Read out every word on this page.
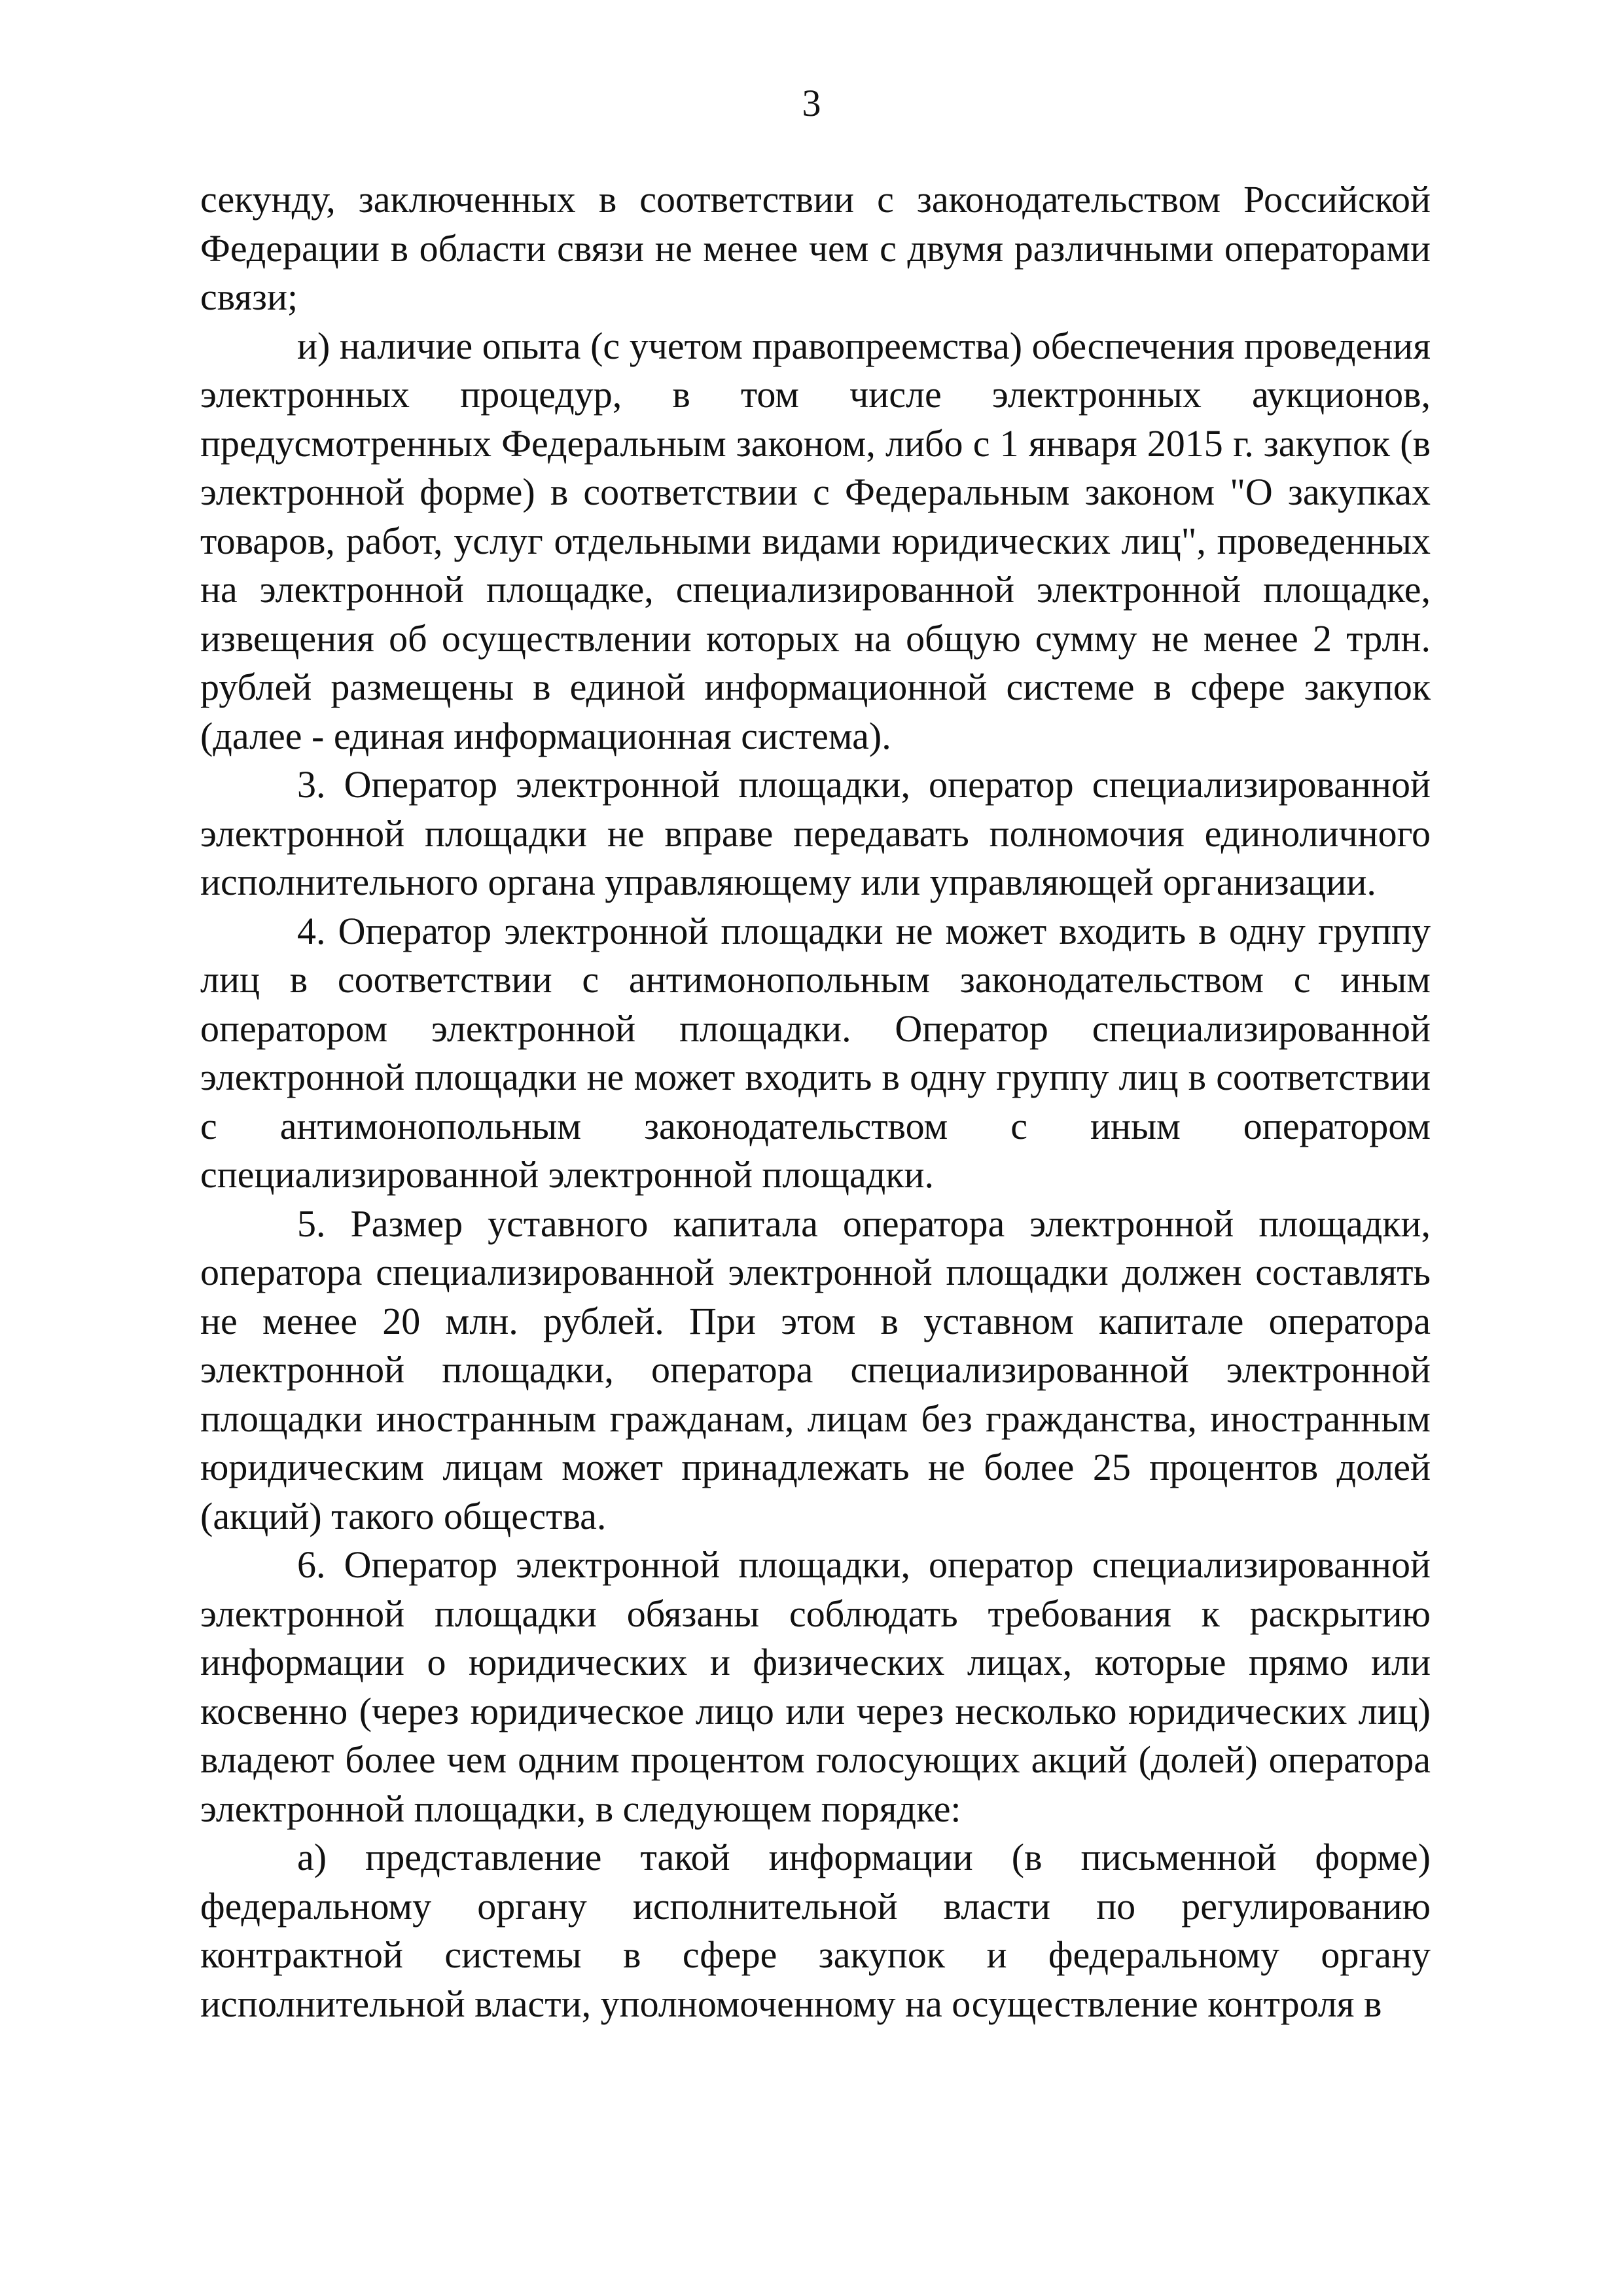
3

секунду, заключенных в соответствии с законодательством Российской Федерации в области связи не менее чем с двумя различными операторами связи;

и) наличие опыта (с учетом правопреемства) обеспечения проведения электронных процедур, в том числе электронных аукционов, предусмотренных Федеральным законом, либо с 1 января 2015 г. закупок (в электронной форме) в соответствии с Федеральным законом "О закупках товаров, работ, услуг отдельными видами юридических лиц", проведенных на электронной площадке, специализированной электронной площадке, извещения об осуществлении которых на общую сумму не менее 2 трлн. рублей размещены в единой информационной системе в сфере закупок (далее - единая информационная система).

3. Оператор электронной площадки, оператор специализированной электронной площадки не вправе передавать полномочия единоличного исполнительного органа управляющему или управляющей организации.

4. Оператор электронной площадки не может входить в одну группу лиц в соответствии с антимонопольным законодательством с иным оператором электронной площадки. Оператор специализированной электронной площадки не может входить в одну группу лиц в соответствии с антимонопольным законодательством с иным оператором специализированной электронной площадки.

5. Размер уставного капитала оператора электронной площадки, оператора специализированной электронной площадки должен составлять не менее 20 млн. рублей. При этом в уставном капитале оператора электронной площадки, оператора специализированной электронной площадки иностранным гражданам, лицам без гражданства, иностранным юридическим лицам может принадлежать не более 25 процентов долей (акций) такого общества.

6. Оператор электронной площадки, оператор специализированной электронной площадки обязаны соблюдать требования к раскрытию информации о юридических и физических лицах, которые прямо или косвенно (через юридическое лицо или через несколько юридических лиц) владеют более чем одним процентом голосующих акций (долей) оператора электронной площадки, в следующем порядке:

а) представление такой информации (в письменной форме) федеральному органу исполнительной власти по регулированию контрактной системы в сфере закупок и федеральному органу исполнительной власти, уполномоченному на осуществление контроля в
